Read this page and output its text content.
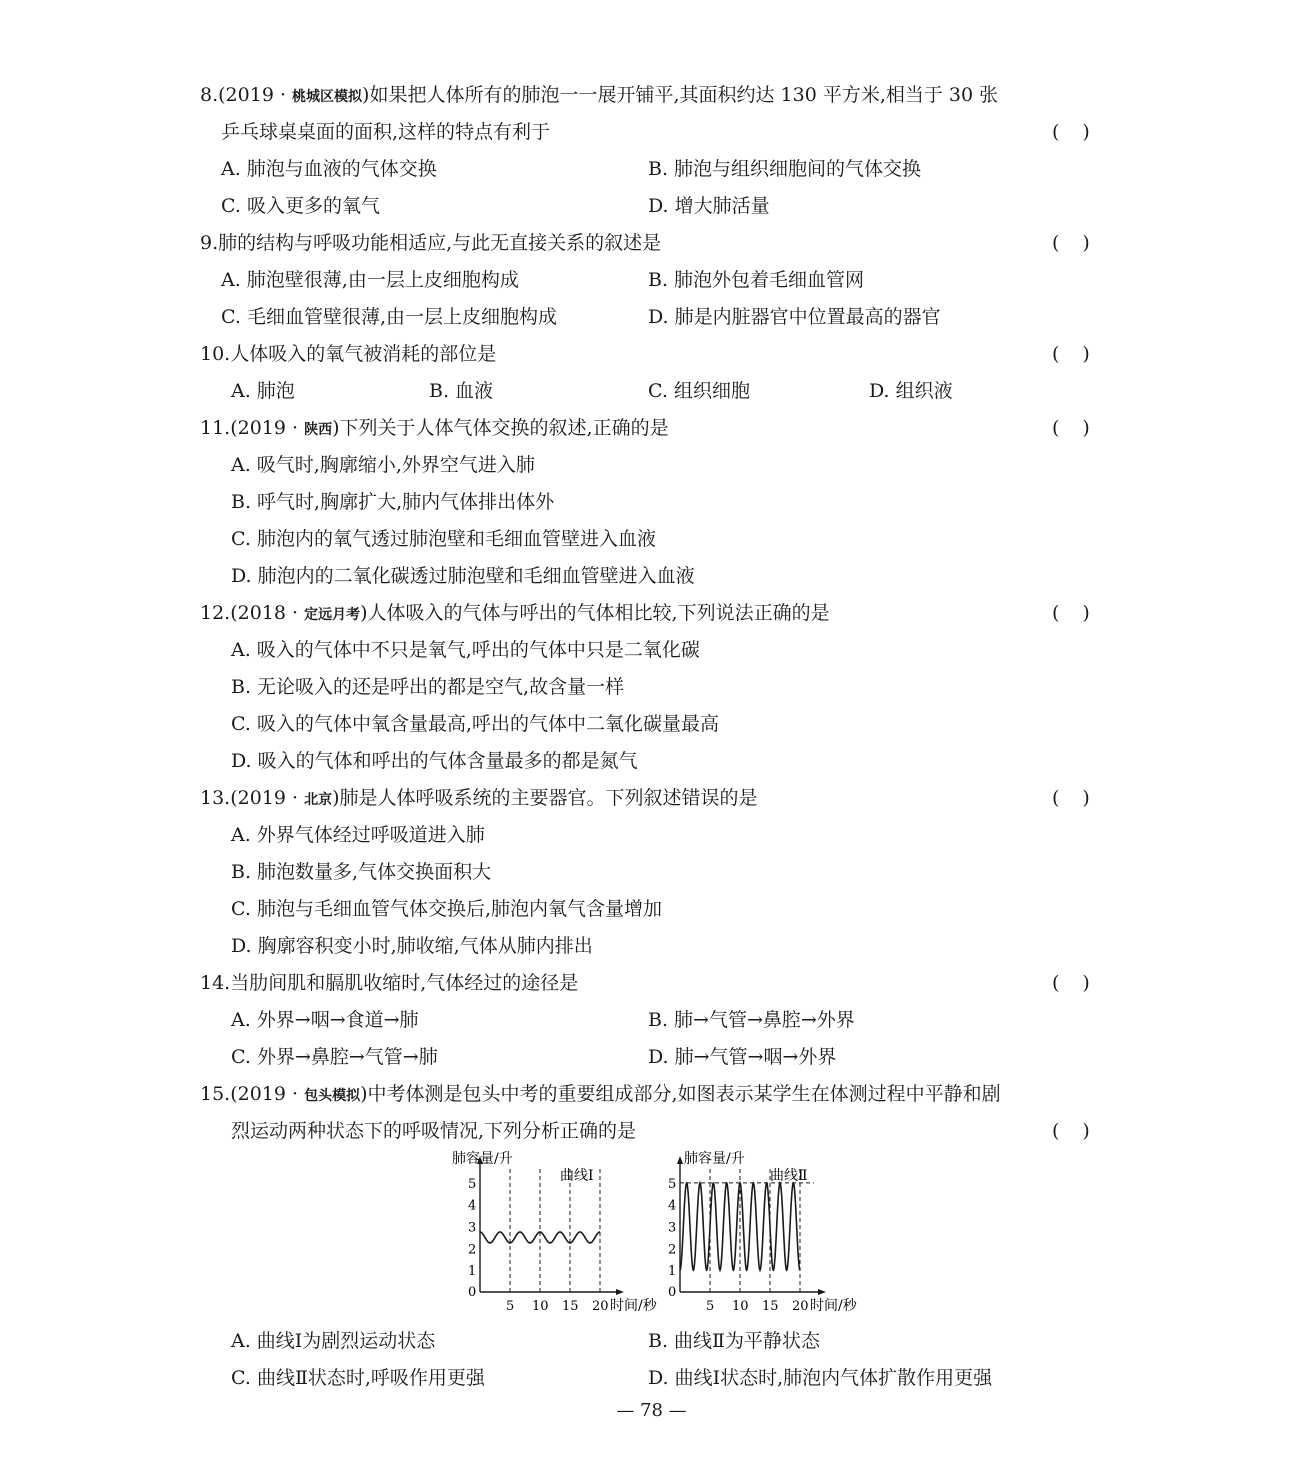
8.(2019 · 桃城区模拟)如果把人体所有的肺泡一一展开铺平,其面积约达 130 平方米,相当于 30 张
乒乓球桌桌面的面积,这样的特点有利于	(　)
A. 肺泡与血液的气体交换	B. 肺泡与组织细胞间的气体交换
C. 吸入更多的氧气	D. 增大肺活量
9.肺的结构与呼吸功能相适应,与此无直接关系的叙述是	(　)
A. 肺泡壁很薄,由一层上皮细胞构成	B. 肺泡外包着毛细血管网
C. 毛细血管壁很薄,由一层上皮细胞构成	D. 肺是内脏器官中位置最高的器官
10.人体吸入的氧气被消耗的部位是	(　)
A. 肺泡	B. 血液	C. 组织细胞	D. 组织液
11.(2019 · 陕西)下列关于人体气体交换的叙述,正确的是	(　)
A. 吸气时,胸廓缩小,外界空气进入肺
B. 呼气时,胸廓扩大,肺内气体排出体外
C. 肺泡内的氧气透过肺泡壁和毛细血管壁进入血液
D. 肺泡内的二氧化碳透过肺泡壁和毛细血管壁进入血液
12.(2018 · 定远月考)人体吸入的气体与呼出的气体相比较,下列说法正确的是	(　)
A. 吸入的气体中不只是氧气,呼出的气体中只是二氧化碳
B. 无论吸入的还是呼出的都是空气,故含量一样
C. 吸入的气体中氧含量最高,呼出的气体中二氧化碳量最高
D. 吸入的气体和呼出的气体含量最多的都是氮气
13.(2019 · 北京)肺是人体呼吸系统的主要器官。下列叙述错误的是	(　)
A. 外界气体经过呼吸道进入肺
B. 肺泡数量多,气体交换面积大
C. 肺泡与毛细血管气体交换后,肺泡内氧气含量增加
D. 胸廓容积变小时,肺收缩,气体从肺内排出
14.当肋间肌和膈肌收缩时,气体经过的途径是	(　)
A. 外界→咽→食道→肺	B. 肺→气管→鼻腔→外界
C. 外界→鼻腔→气管→肺	D. 肺→气管→咽→外界
15.(2019 · 包头模拟)中考体测是包头中考的重要组成部分,如图表示某学生在体测过程中平静和剧
烈运动两种状态下的呼吸情况,下列分析正确的是	(　)
肺容量/升
曲线Ⅰ
时间/秒
0
1
2
3
4
5
5 10 15 20
肺容量/升
曲线Ⅱ
时间/秒
0
1
2
3
4
5
5 10 15 20
A. 曲线Ⅰ为剧烈运动状态	B. 曲线Ⅱ为平静状态
C. 曲线Ⅱ状态时,呼吸作用更强	D. 曲线Ⅰ状态时,肺泡内气体扩散作用更强
— 78 —
